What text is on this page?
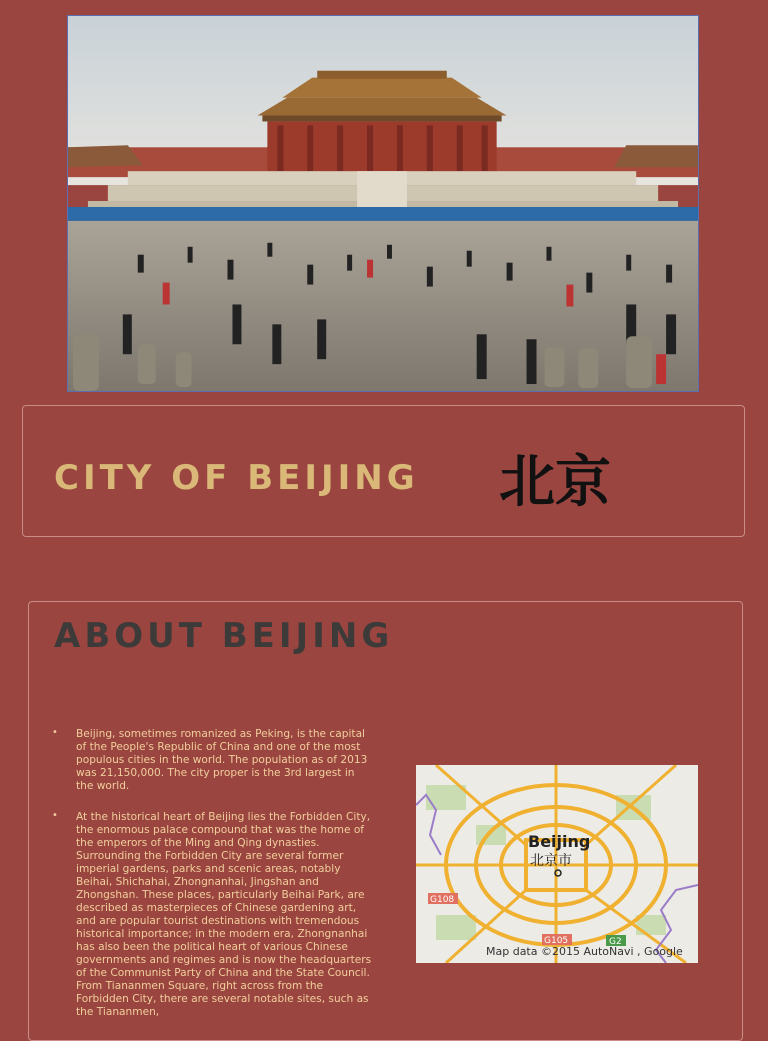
CITY OF BEIJING 北京
ABOUT BEIJING
• Beijing, sometimes romanized as Peking, is the capital of the People's Republic of China and one of the most populous cities in the world. The population as of 2013 was 21,150,000. The city proper is the 3rd largest in the world.
• At the historical heart of Beijing lies the Forbidden City, the enormous palace compound that was the home of the emperors of the Ming and Qing dynasties. Surrounding the Forbidden City are several former imperial gardens, parks and scenic areas, notably Beihai, Shichahai, Zhongnanhai, Jingshan and Zhongshan. These places, particularly Beihai Park, are described as masterpieces of Chinese gardening art, and are popular tourist destinations with tremendous historical importance; in the modern era, Zhongnanhai has also been the political heart of various Chinese governments and regimes and is now the headquarters of the Communist Party of China and the State Council. From Tiananmen Square, right across from the Forbidden City, there are several notable sites, such as the Tiananmen,
Beijing
北京市
G108
G105	G2
Map data ©2015 AutoNavi , Google
